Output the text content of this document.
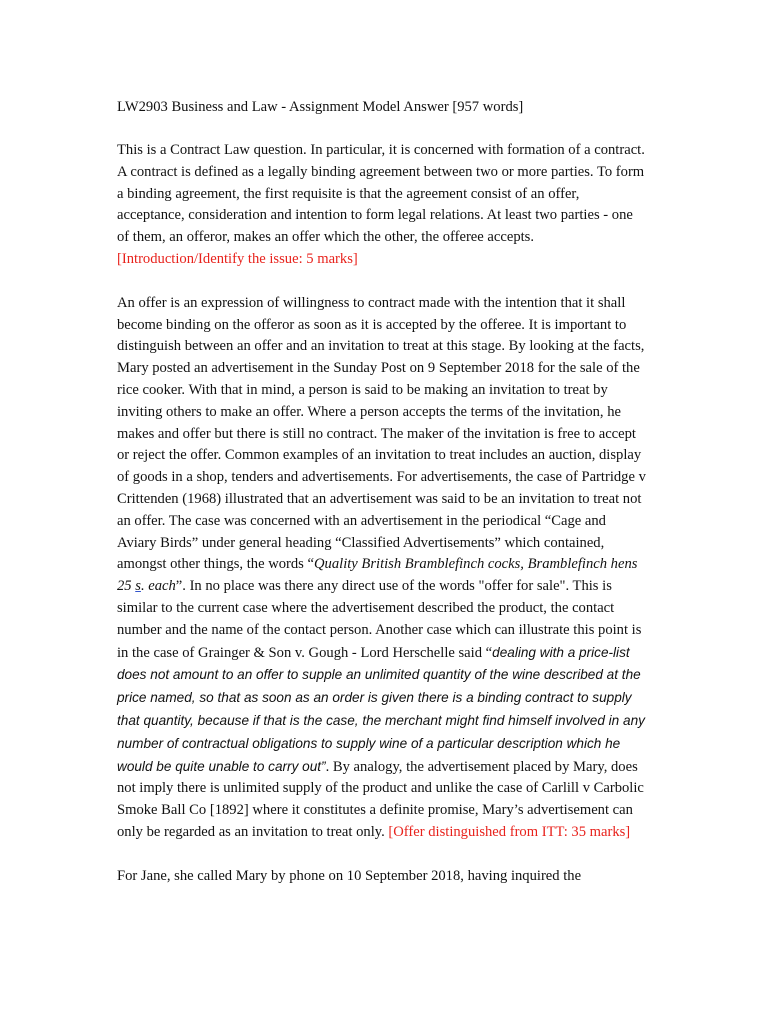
LW2903 Business and Law - Assignment Model Answer [957 words]

This is a Contract Law question. In particular, it is concerned with formation of a contract. A contract is defined as a legally binding agreement between two or more parties. To form a binding agreement, the first requisite is that the agreement consist of an offer, acceptance, consideration and intention to form legal relations. At least two parties - one of them, an offeror, makes an offer which the other, the offeree accepts. [Introduction/Identify the issue: 5 marks]

An offer is an expression of willingness to contract made with the intention that it shall become binding on the offeror as soon as it is accepted by the offeree. It is important to distinguish between an offer and an invitation to treat at this stage. By looking at the facts, Mary posted an advertisement in the Sunday Post on 9 September 2018 for the sale of the rice cooker. With that in mind, a person is said to be making an invitation to treat by inviting others to make an offer. Where a person accepts the terms of the invitation, he makes and offer but there is still no contract. The maker of the invitation is free to accept or reject the offer. Common examples of an invitation to treat includes an auction, display of goods in a shop, tenders and advertisements. For advertisements, the case of Partridge v Crittenden (1968) illustrated that an advertisement was said to be an invitation to treat not an offer. The case was concerned with an advertisement in the periodical “Cage and Aviary Birds” under general heading “Classified Advertisements” which contained, amongst other things, the words “Quality British Bramblefinch cocks, Bramblefinch hens 25 s. each”. In no place was there any direct use of the words "offer for sale". This is similar to the current case where the advertisement described the product, the contact number and the name of the contact person. Another case which can illustrate this point is in the case of Grainger & Son v. Gough - Lord Herschelle said “dealing with a price-list does not amount to an offer to supple an unlimited quantity of the wine described at the price named, so that as soon as an order is given there is a binding contract to supply that quantity, because if that is the case, the merchant might find himself involved in any number of contractual obligations to supply wine of a particular description which he would be quite unable to carry out”. By analogy, the advertisement placed by Mary, does not imply there is unlimited supply of the product and unlike the case of Carlill v Carbolic Smoke Ball Co [1892] where it constitutes a definite promise, Mary’s advertisement can only be regarded as an invitation to treat only. [Offer distinguished from ITT: 35 marks]

For Jane, she called Mary by phone on 10 September 2018, having inquired the
